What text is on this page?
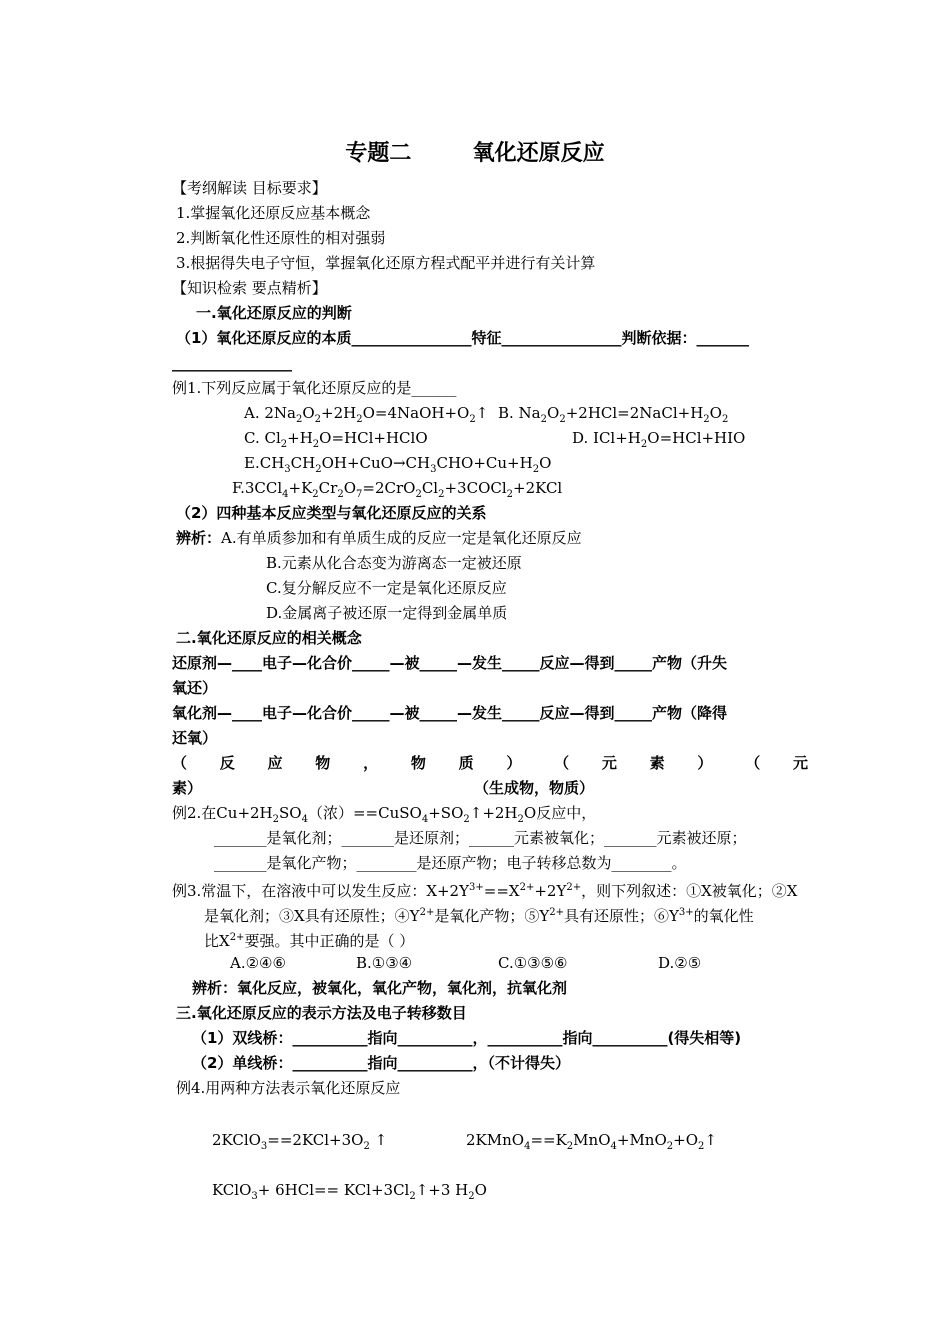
专题二        氧化还原反应
【考纲解读 目标要求】
1.掌握氧化还原反应基本概念
2.判断氧化性还原性的相对强弱
3.根据得失电子守恒，掌握氧化还原方程式配平并进行有关计算
【知识检索 要点精析】
一.氧化还原反应的判断
（1）氧化还原反应的本质________________特征________________判断依据：_______
________________
例1.下列反应属于氧化还原反应的是______
A. $2Na_2O_2+2H_2O=4NaOH+O_2↑$ B. $Na_2O_2+2HCl=2NaCl+H_2O_2$
C. $Cl_2+H_2O=HCl+HClO$	D. $ICl+H_2O=HCl+HIO$
$E.CH_3CH_2OH+CuO\to CH_3CHO+Cu+H_2O$
$F.3CCl_4+K_2Cr_2O_7=2CrO_2Cl_2+3COCl_2+2KCl$
（2）四种基本反应类型与氧化还原反应的关系
辨析：A.有单质参加和有单质生成的反应一定是氧化还原反应
B.元素从化合态变为游离态一定被还原
C.复分解反应不一定是氧化还原反应
D.金属离子被还原一定得到金属单质
二.氧化还原反应的相关概念
还原剂—____电子—化合价_____—被_____—发生_____反应—得到_____产物（升失
氧还）
氧化剂—____电子—化合价_____—被_____—发生_____反应—得到_____产物（降得
还氧）
（ 反 应 物 ， 物 质 ） （ 元 素 ） （ 元
素）	（生成物，物质）
例2.在$Cu+2H_2SO_4$（浓）$==CuSO_4+SO_2↑+2H_2O$反应中，
_______是氧化剂；_______是还原剂；______元素被氧化；_______元素被还原；
_______是氧化产物；________是还原产物；电子转移总数为________。
例3.常温下，在溶液中可以发生反应：$X+2Y^{3+}==X^{2+}+2Y^{2+}$，则下列叙述：①X被氧化；②X
是氧化剂；③X具有还原性；$④Y^{2+}$是氧化产物；$⑤Y^{2+}$具有还原性；$⑥Y^{3+}$的氧化性
比$X^{2+}$要强。其中正确的是（ ）
A.②④⑥	B.①③④	C.①③⑤⑥	D.②⑤
辨析：氧化反应，被氧化，氧化产物，氧化剂，抗氧化剂
三.氧化还原反应的表示方法及电子转移数目
（1）双线桥：__________指向__________，__________指向__________(得失相等)
（2）单线桥：__________指向__________，（不计得失）
例4.用两种方法表示氧化还原反应
$2KClO_3==2KCl+3O_2$ ↑	$2KMnO_4==K_2MnO_4+MnO_2+O_2↑$
KClO$_3$+ $6HCl== KCl+3Cl_2↑+3$ $H_2O$
